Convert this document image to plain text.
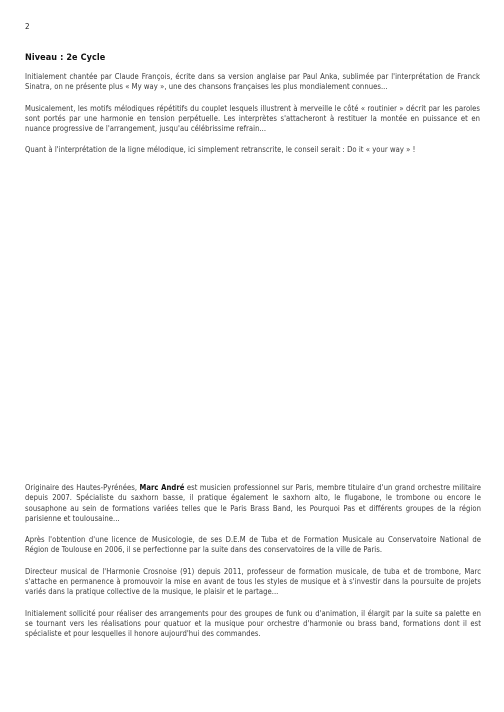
2
Niveau : 2e Cycle

Initialement chantée par Claude François, écrite dans sa version anglaise par Paul Anka, sublimée par l'interprétation de Franck Sinatra, on ne présente plus « My way », une des chansons françaises les plus mondialement connues...

Musicalement, les motifs mélodiques répétitifs du couplet lesquels illustrent à merveille le côté « routinier » décrit par les paroles sont portés par une harmonie en tension perpétuelle. Les interprètes s'attacheront à restituer la montée en puissance et en nuance progressive de l'arrangement, jusqu'au célébrissime refrain...

Quant à l'interprétation de la ligne mélodique, ici simplement retranscrite, le conseil serait : Do it « your way » !

Originaire des Hautes-Pyrénées, Marc André est musicien professionnel sur Paris, membre titulaire d'un grand orchestre militaire depuis 2007. Spécialiste du saxhorn basse, il pratique également le saxhorn alto, le flugabone, le trombone ou encore le sousaphone au sein de formations variées telles que le Paris Brass Band, les Pourquoi Pas et différents groupes de la région parisienne et toulousaine...

Après l'obtention d'une licence de Musicologie, de ses D.E.M de Tuba et de Formation Musicale au Conservatoire National de Région de Toulouse en 2006, il se perfectionne par la suite dans des conservatoires de la ville de Paris.

Directeur musical de l'Harmonie Crosnoise (91) depuis 2011, professeur de formation musicale, de tuba et de trombone, Marc s'attache en permanence à promouvoir la mise en avant de tous les styles de musique et à s'investir dans la poursuite de projets variés dans la pratique collective de la musique, le plaisir et le partage...

Initialement sollicité pour réaliser des arrangements pour des groupes de funk ou d'animation, il élargit par la suite sa palette en se tournant vers les réalisations pour quatuor et la musique pour orchestre d'harmonie ou brass band, formations dont il est spécialiste et pour lesquelles il honore aujourd'hui des commandes.
